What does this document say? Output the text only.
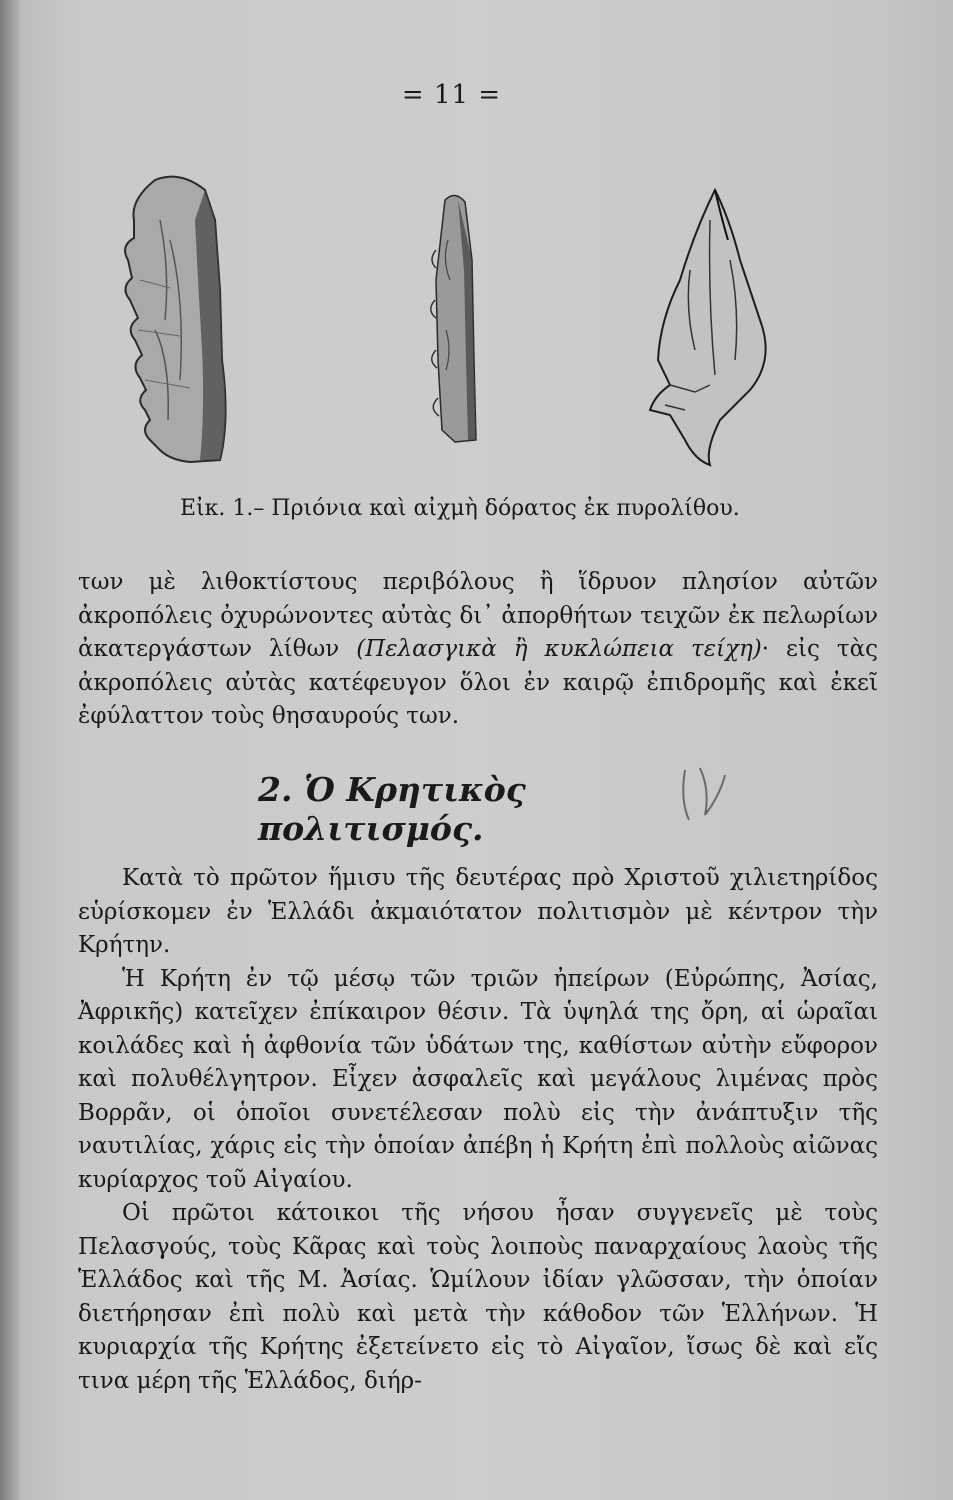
= 11 =
Εἰκ. 1.– Πριόνια καὶ αἰχμὴ δόρατος ἐκ πυρολίθου.
των μὲ λιθοκτίστους περιβόλους ἢ ἵδρυον πλησίον αὐτῶν ἀκροπόλεις ὀχυρώνοντες αὐτὰς δι᾽ ἀπορθήτων τειχῶν ἐκ πελωρίων ἀκατεργάστων λίθων (Πελασγικὰ ἢ κυκλώπεια τείχη)· εἰς τὰς ἀκροπόλεις αὐτὰς κατέφευγον ὅλοι ἐν καιρῷ ἐπιδρομῆς καὶ ἐκεῖ ἐφύλαττον τοὺς θησαυρούς των.
2. Ὁ Κρητικὸς πολιτισμός.
Κατὰ τὸ πρῶτον ἥμισυ τῆς δευτέρας πρὸ Χριστοῦ χιλιετηρίδος εὑρίσκομεν ἐν Ἑλλάδι ἀκμαιότατον πολιτισμὸν μὲ κέντρον τὴν Κρήτην.
Ἡ Κρήτη ἐν τῷ μέσῳ τῶν τριῶν ἠπείρων (Εὐρώπης, Ἀσίας, Ἀφρικῆς) κατεῖχεν ἐπίκαιρον θέσιν. Τὰ ὑψηλά της ὄρη, αἱ ὡραῖαι κοιλάδες καὶ ἡ ἀφθονία τῶν ὑδάτων της, καθίστων αὐτὴν εὔφορον καὶ πολυθέλγητρον. Εἶχεν ἀσφαλεῖς καὶ μεγάλους λιμένας πρὸς Βορρᾶν, οἱ ὁποῖοι συνετέλεσαν πολὺ εἰς τὴν ἀνάπτυξιν τῆς ναυτιλίας, χάρις εἰς τὴν ὁποίαν ἀπέβη ἡ Κρήτη ἐπὶ πολλοὺς αἰῶνας κυρίαρχος τοῦ Αἰγαίου.
Οἱ πρῶτοι κάτοικοι τῆς νήσου ἦσαν συγγενεῖς μὲ τοὺς Πελασγούς, τοὺς Κᾶρας καὶ τοὺς λοιποὺς παναρχαίους λαοὺς τῆς Ἑλλάδος καὶ τῆς Μ. Ἀσίας. Ὡμίλουν ἰδίαν γλῶσσαν, τὴν ὁποίαν διετήρησαν ἐπὶ πολὺ καὶ μετὰ τὴν κάθοδον τῶν Ἑλλήνων. Ἡ κυριαρχία τῆς Κρήτης ἐξετείνετο εἰς τὸ Αἰγαῖον, ἴσως δὲ καὶ εἴς τινα μέρη τῆς Ἑλλάδος, διήρ-
